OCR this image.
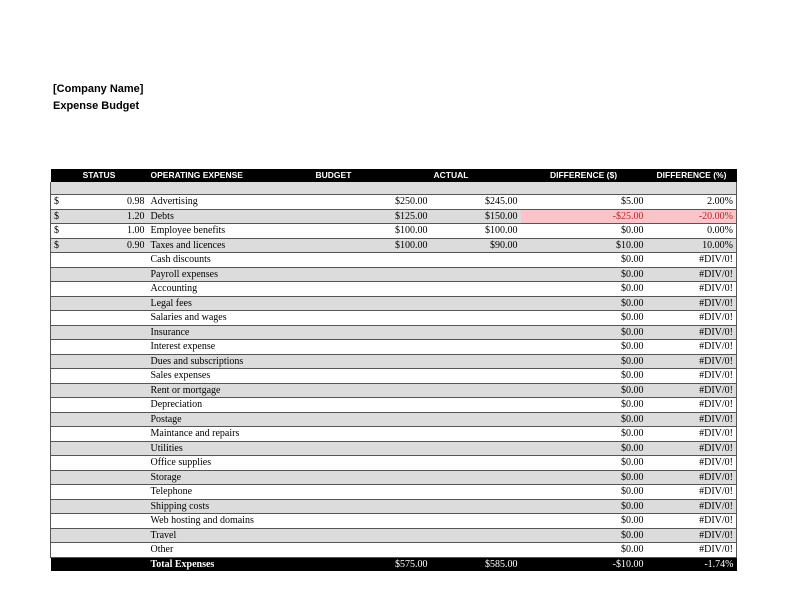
[Company Name]
Expense Budget
STATUS	OPERATING EXPENSE	BUDGET	ACTUAL	DIFFERENCE ($)	DIFFERENCE (%)

$ 0.98	Advertising	$250.00	$245.00	$5.00	2.00%

$ 1.20	Debts	$125.00	$150.00	-$25.00	-20.00%

$ 1.00	Employee benefits	$100.00	$100.00	$0.00	0.00%

$ 0.90	Taxes and licences	$100.00	$90.00	$10.00	10.00%

	Cash discounts			$0.00	#DIV/0!

	Payroll expenses			$0.00	#DIV/0!

	Accounting			$0.00	#DIV/0!

	Legal fees			$0.00	#DIV/0!

	Salaries and wages			$0.00	#DIV/0!

	Insurance			$0.00	#DIV/0!

	Interest expense			$0.00	#DIV/0!

	Dues and subscriptions			$0.00	#DIV/0!

	Sales expenses			$0.00	#DIV/0!

	Rent or mortgage			$0.00	#DIV/0!

	Depreciation			$0.00	#DIV/0!

	Postage			$0.00	#DIV/0!

	Maintance and repairs			$0.00	#DIV/0!

	Utilities			$0.00	#DIV/0!

	Office supplies			$0.00	#DIV/0!

	Storage			$0.00	#DIV/0!

	Telephone			$0.00	#DIV/0!

	Shipping costs			$0.00	#DIV/0!

	Web hosting and domains			$0.00	#DIV/0!

	Travel			$0.00	#DIV/0!

	Other			$0.00	#DIV/0!
	Total Expenses	$575.00	$585.00	-$10.00	-1.74%
